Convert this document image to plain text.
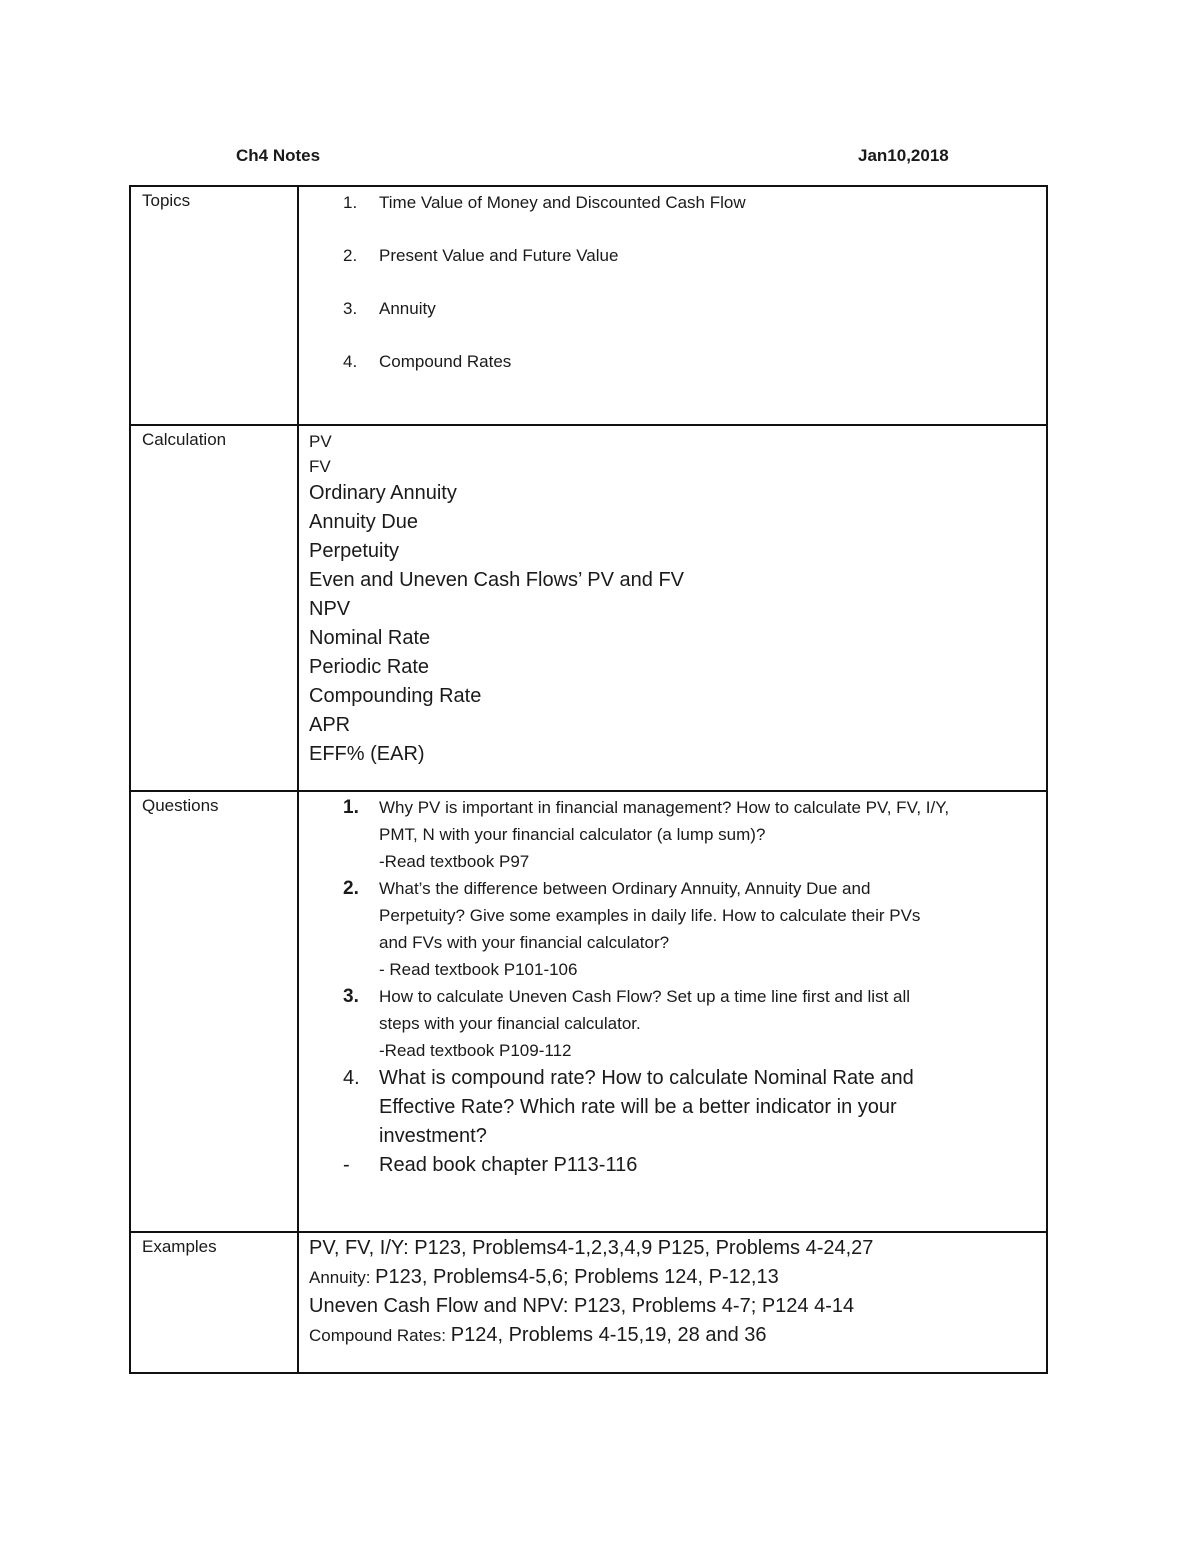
Ch4 Notes	Jan10,2018
Topics	1. Time Value of Money and Discounted Cash Flow
2. Present Value and Future Value
3. Annuity
4. Compound Rates
Calculation	PV
FV
Ordinary Annuity
Annuity Due
Perpetuity
Even and Uneven Cash Flows’ PV and FV
NPV
Nominal Rate
Periodic Rate
Compounding Rate
APR
EFF% (EAR)
Questions	1. Why PV is important in financial management? How to calculate PV, FV, I/Y,
PMT, N with your financial calculator (a lump sum)?
-Read textbook P97
2. What’s the difference between Ordinary Annuity, Annuity Due and
Perpetuity? Give some examples in daily life. How to calculate their PVs
and FVs with your financial calculator?
- Read textbook P101-106
3. How to calculate Uneven Cash Flow? Set up a time line first and list all
steps with your financial calculator.
-Read textbook P109-112
4. What is compound rate? How to calculate Nominal Rate and
Effective Rate? Which rate will be a better indicator in your
investment?
- Read book chapter P113-116
Examples	PV, FV, I/Y: P123, Problems4-1,2,3,4,9 P125, Problems 4-24,27
Annuity: P123, Problems4-5,6; Problems 124, P-12,13
Uneven Cash Flow and NPV: P123, Problems 4-7; P124 4-14
Compound Rates: P124, Problems 4-15,19, 28 and 36
